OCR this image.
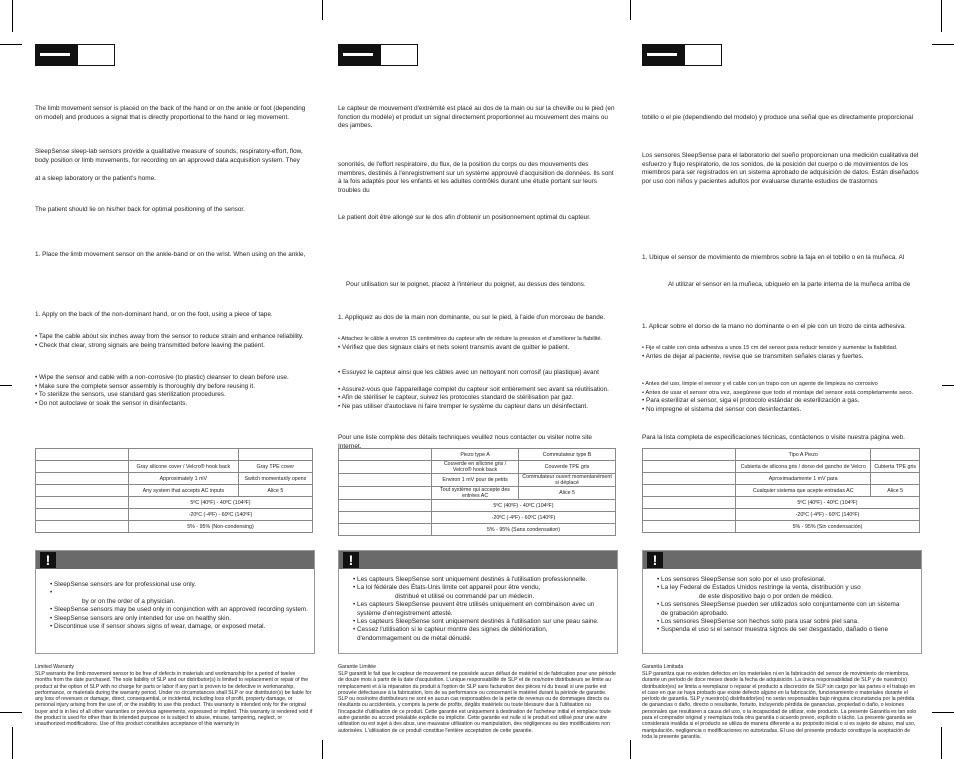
The limb movement sensor is placed on the back of the hand or on the ankle or foot (depending on model) and produces a signal that is directly proportional to the hand or leg movement.

SleepSense sleep-lab sensors provide a qualitative measure of sounds, respiratory-effort, flow, body position or limb movements, for recording on an approved data acquisition system. They

at a sleep laboratory or the patient's home.

The patient should lie on his/her back for optimal positioning of the sensor.

1. Place the limb movement sensor on the ankle-band or on the wrist. When using on the ankle,

1. Apply on the back of the non-dominant hand, or on the foot, using a piece of tape.

• Tape the cable about six inches away from the sensor to reduce strain and enhance reliability.
• Check that clear, strong signals are being transmitted before leaving the patient.
• Wipe the sensor and cable with a non-corrosive (to plastic) cleanser to clean before use.
• Make sure the complete sensor assembly is thoroughly dry before reusing it.
• To sterilize the sensors, use standard gas sterilization procedures.
• Do not autoclave or soak the sensor in disinfectants.

	Gray silicone cover / Velcro® hook back	Gray TPE cover
	Approximately 1 mV	Switch momentarily opens
	Any system that accepts AC inputs	Alice 5
	5ºC (40ºF) - 40ºC (104ºF)	
	-20ºC (-4ºF) - 60ºC (140ºF)	
	5% - 95% (Non-condensing)	
!
• SleepSense sensors are for professional use only.
•
by or on the order of a physician.
• SleepSense sensors may be used only in conjunction with an approved recording system.
• SleepSense sensors are only intended for use on healthy skin.
• Discontinue use if sensor shows signs of wear, damage, or exposed metal.

Limited Warranty

SLP warrants the limb movement sensor to be free of defects in materials and workmanship for a period of twelve months from the date purchased. The sole liability of SLP and our distributor(s) is limited to replacement or repair of the product at the option of SLP with no charge for parts or labor if any part is proven to be defective in workmanship, performance, or materials during the warranty period. Under no circumstances shall SLP or our distributor(s) be liable for any loss of revenues or damage, direct, consequential, or incidental, including loss of profit, property damage, or personal injury arising from the use of, or the inability to use this product. This warranty is intended only for the original buyer and is in lieu of all other warranties or previous agreements, expressed or implied. This warranty is rendered void if the product is used for other than its intended purpose or is subject to abuse, misuse, tampering, neglect, or unauthorized modifications. Use of this product constitutes acceptance of this warranty in

Le capteur de mouvement d'extrémité est placé au dos de la main ou sur la cheville ou le pied (en fonction du modèle) et produit un signal directement proportionnel au mouvement des mains ou des jambes.

sonorités, de l'effort respiratoire, du flux, de la position du corps ou des mouvements des membres, destinés à l'enregistrement sur un système approuvé d'acquisition de données. Ils sont à la fois adaptés pour les enfants et les adultes contrôlés durant une étude portant sur leurs troubles du

Le patient doit être allongé sur le dos afin d'obtenir un positionnement optimal du capteur.

Pour utilisation sur le poignet, placez à l'intérieur du poignet, au dessus des tendons.

1. Appliquez au dos de la main non dominante, ou sur le pied, à l'aide d'un morceau de bande.

• Attachez le câble à environ 15 centimètres du capteur afin de réduire la pression et d'améliorer la fiabilité.
• Vérifiez que des signaux clairs et nets soient transmis avant de quitter le patient.
• Essuyez le capteur ainsi que les câbles avec un nettoyant non corrosif (au plastique) avant
• Assurez-vous que l'appareillage complet du capteur soit entièrement sec avant sa réutilisation.
• Afin de stériliser le capteur, suivez les protocoles standard de stérilisation par gaz.
• Ne pas utiliser d'autoclave ni faire tremper le système du capteur dans un désinfectant.

Pour une liste complète des détails techniques veuillez nous contacter ou visiter notre site Internet.

	Piezo type A	Commutateur type B
	Couverde en silicone gris / Velcro® hook back	Couverde TPE gris
	Environ 1 mV pour de petits	Commutateur ouvert momentanément si déplacé
	Tout système qui accepte des entrées AC	Alice 5
	5ºC (40ºF) - 40ºC (104ºF)	
	-20ºC (-4ºF) - 60ºC (140ºF)	
	5% - 95% (Sans condensation)	
!
• Les capteurs SleepSense sont uniquement destinés à l'utilisation professionnelle.
• La loi fédérale des États-Unis limite cet appareil pour être vendu,
distribué et utilisé ou commandé par un médecin.
• Les capteurs SleepSense peuvent être utilisés uniquement en combinaison avec un
système d'enregistrement attesté.
• Les capteurs SleepSense sont uniquement destinés à l'utilisation sur une peau saine.
• Cessez l'utilisation si le capteur montre des signes de détérioration,
d'endommagement ou de métal dénudé.

Garantie Limitée

SLP garantit le fait que le capteur de mouvement ne possède aucun défaut de matériel ni de fabrication pour une période de douze mois à partir de la date d'acquisition. L'unique responsabilité de SLP et de nos/notre distributeurs se limite au remplacement et à la réparation du produit à l'option de SLP sans facturation des pièces ni du travail si une partie est prouvée défectueuse à la fabrication, lors de sa performance ou concernant le matériel durant la période de garantie. SLP ou nos/notre distributeurs ne sont en aucun cas responsables de la perte de revenus ou de dommages directs ou résultants ou accidentels, y compris la perte de profits, dégâts matériels ou toute blessure due à l'utilisation ou l'incapacité d'utilisation de ce produit. Cette garantie est uniquement à destination de l'acheteur initial et remplace toute autre garantie ou accord préalable explicite ou implicite. Cette garantie est nulle si le produit est utilisé pour une autre utilisation ou est sujet à des abus, une mauvaise utilisation ou manipulation, des négligences ou des modifications non autorisées. L'utilisation de ce produit constitue l'entière acceptation de cette garantie.

tobillo o el pie (dependiendo del modelo) y produce una señal que es directamente proporcional

Los sensores SleepSense para el laboratorio del sueño proporcionan una medición cualitativa del esfuerzo y flujo respiratorio, de los sonidos, de la posición del cuerpo o de movimientos de los miembros para ser registrados en un sistema aprobado de adquisición de datos. Están diseñados por uso con niños y pacientes adultos por evaluarse durante estudios de trastornos

1. Ubique el sensor de movimiento de miembros sobre la faja en el tobillo o en la muñeca. Al

Al utilizar el sensor en la muñeca, ubíquelo en la parte interna de la muñeca arriba de

1. Aplicar sobre el dorso de la mano no dominante o en el pie con un trozo de cinta adhesiva.

• Fije el cable con cinta adhesiva a unos 15 cm del sensor para reducir tensión y aumentar la fiabilidad.
• Antes de dejar al paciente, revise que se transmiten señales claras y fuertes.
• Antes del uso, limpie el sensor y el cable con un trapo con un agente de limpieza no corrosivo
• Antes de usar el sensor otra vez, asegúrese que todo el montaje del sensor está completamente seco.
• Para esterilizar el sensor, siga el protocolo estándar de esterilización a gas.
• No impregne el sistema del sensor con desinfectantes.

Para la lista completa de especificaciones técnicas, contáctenos o visite nuestra página web.

	Tipo A Piezo	
	Cubierta de silicona gris / dorso del gancho de Velcro	Cubierta TPE gris
	Aproximadamente 1 mV para	
	Cualquier sistema que acepte entradas AC	Alice 5
	5ºC (40ºF) - 40ºC (104ºF)	
	-20ºC (-4ºF) - 60ºC (140ºF)	
	5% - 95% (Sin condensación)	
!
• Los sensores SleepSense son solo por el uso profesional.
• La ley Federal de Estados Unidos restringe la venta, distribución y uso
de este dispositivo bajo o por orden de médico.
• Los sensores SleepSense pueden ser utilizados solo conjuntamente con un sistema
de grabación aprobado.
• Los sensores SleepSense son hechos solo para usar sobre piel sana.
• Suspenda el uso si el sensor muestra signos de ser desgastado, dañado o tiene

Garantía Limitada

SLP garantiza que no existen defectos en los materiales ni en la fabricación del sensor de movimiento de miembros, durante un período de doce meses desde la fecha de adquisición. La única responsabilidad de SLP y de nuestro(s) distribuidor(es) se limita a reemplazar o reparar el producto a discreción de SLP sin cargo por las partes o el trabajo en el caso en que se haya probado que existe defecto alguno en la fabricación, funcionamiento o materiales durante el período de garantía. SLP y nuestro(s) distribuidor(es) no serán responsables bajo ninguna circunstancia por la pérdida de ganancias o daño, directo o resultante, fortuito, incluyendo pérdida de ganancias, propiedad o daño, o lesiones personales que resultaren a causa del uso, o la incapacidad de utilizar, este producto. La presente Garantía es tan solo para el comprador original y reemplaza toda otra garantía o acuerdo previo, explícito o tácito. La presente garantía se considerará inválida si el producto se utiliza de manera diferente a su propósito inicial o si es sujeto de abuso, mal uso, manipulación, negligencia o modificaciones no autorizadas. El uso del presente producto constituye la aceptación de toda la presente garantía.
